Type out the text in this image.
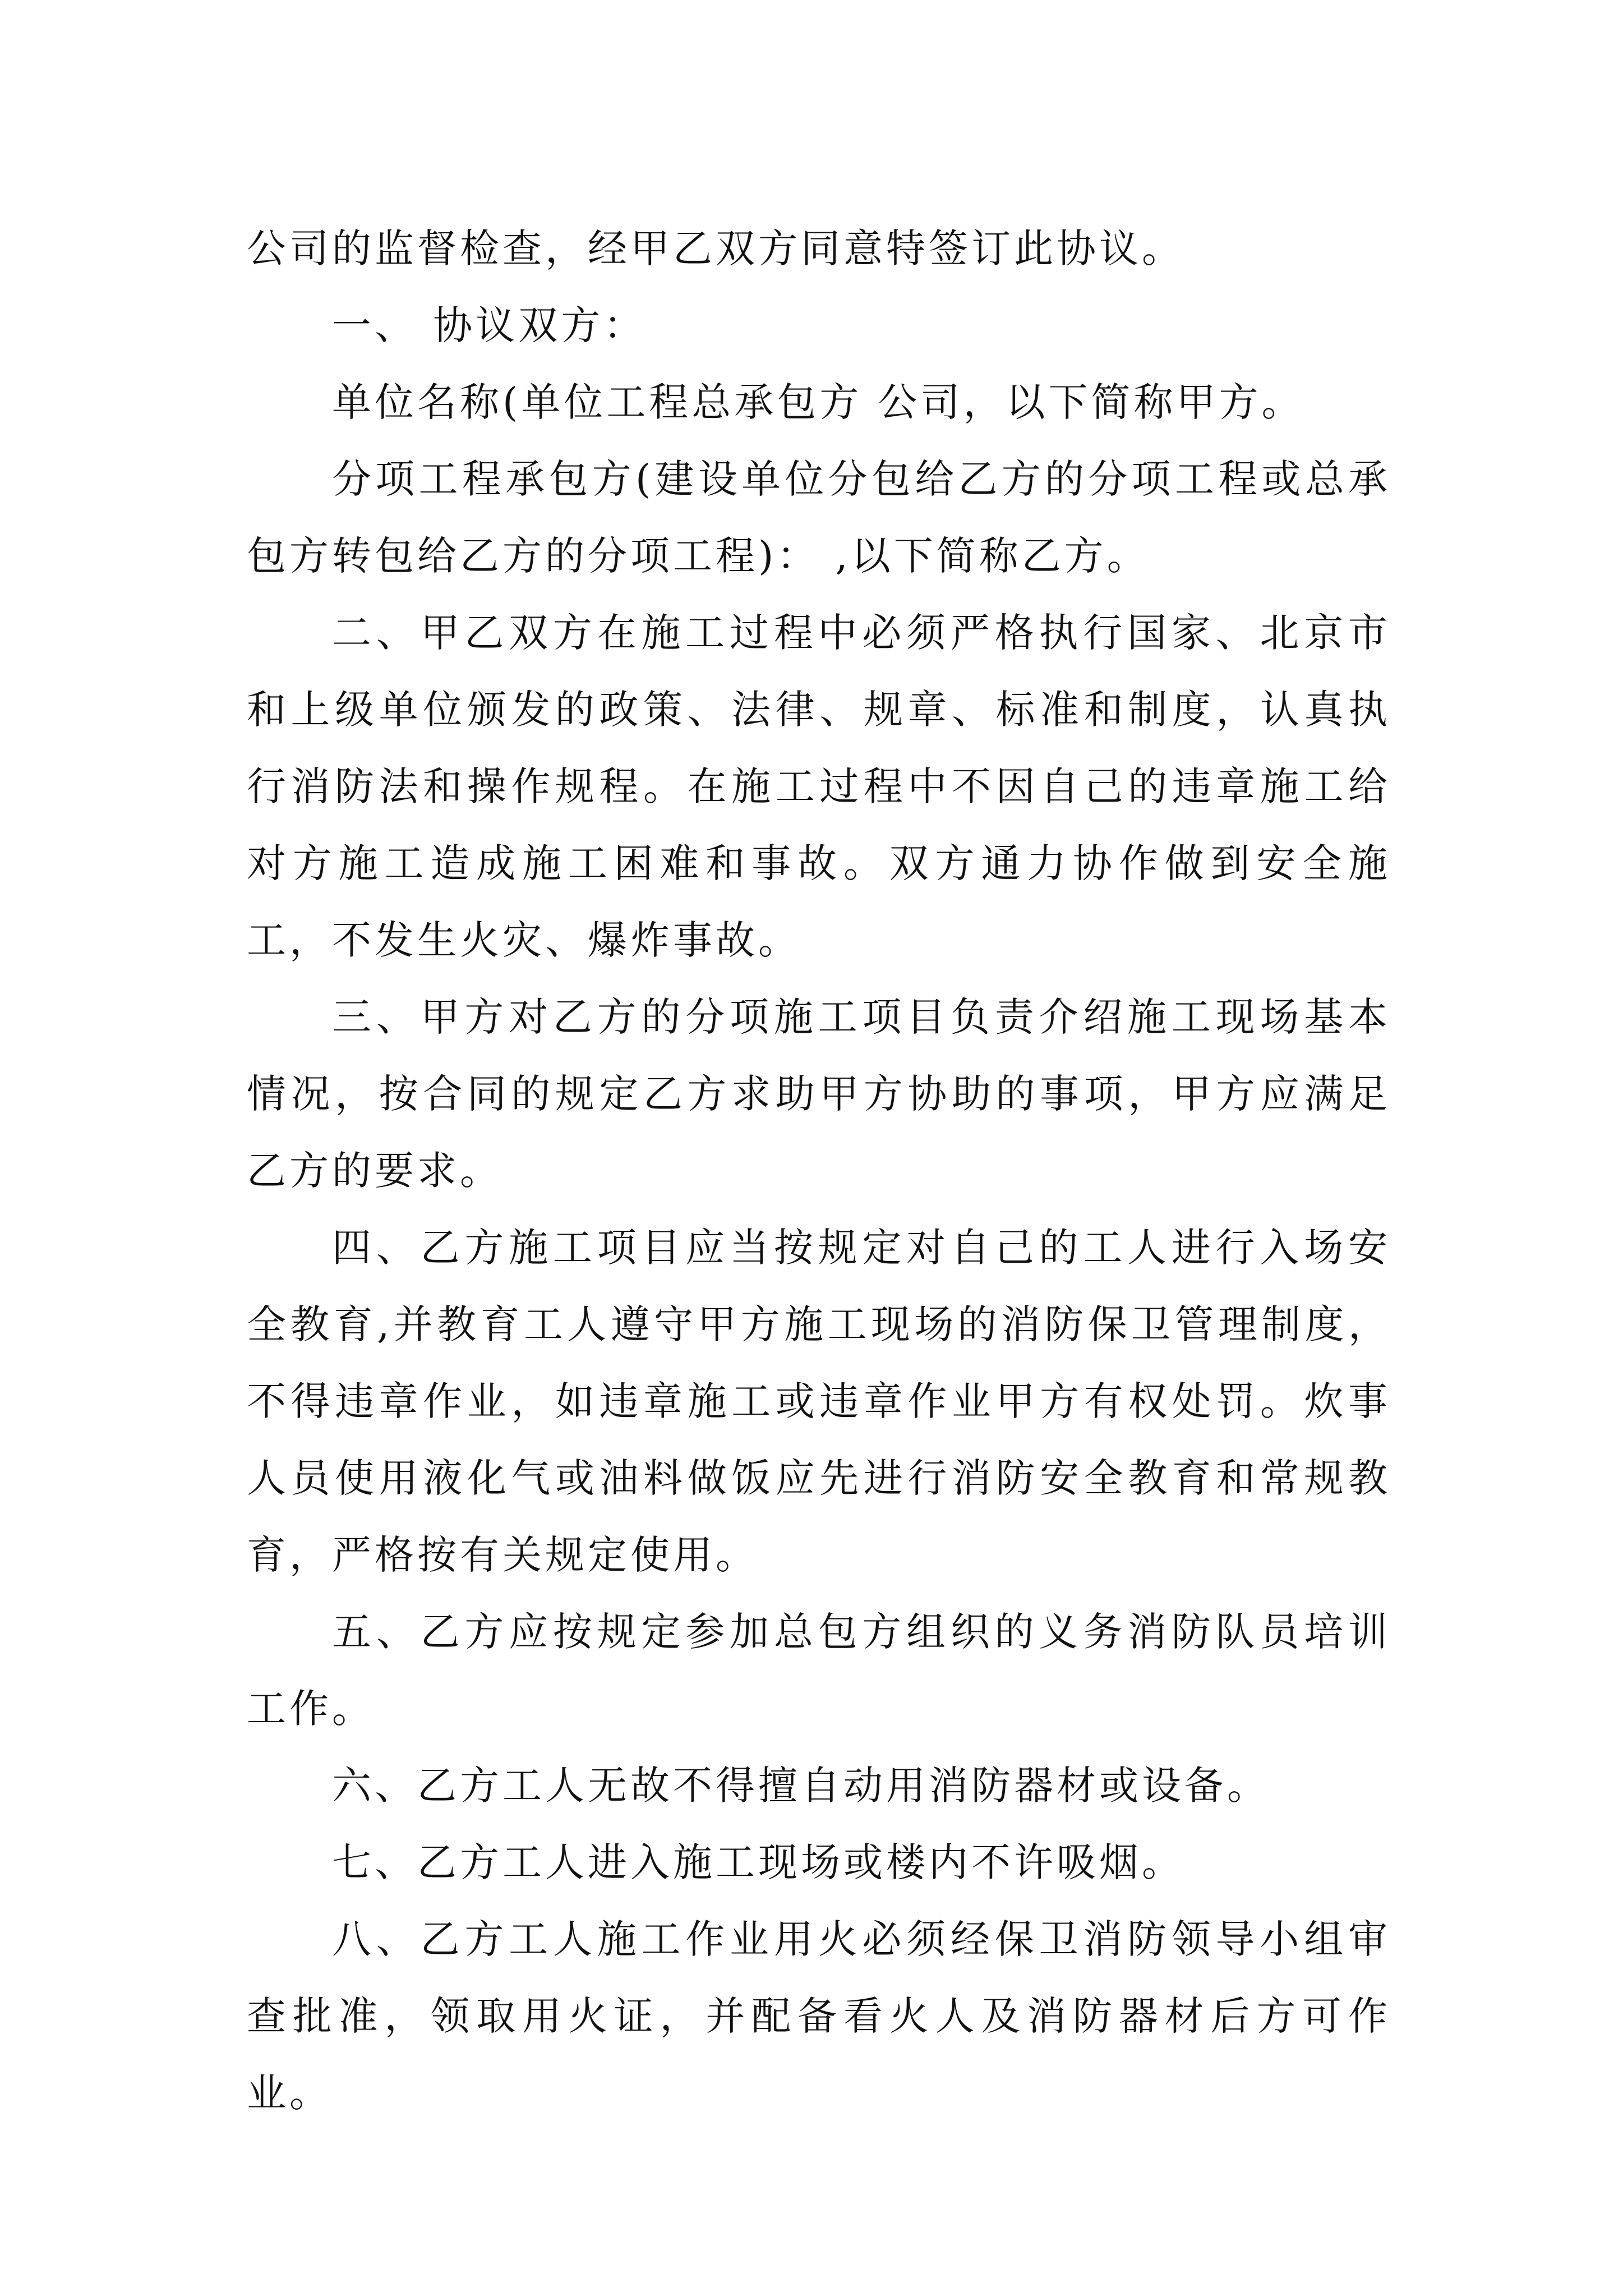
公司的监督检查，经甲乙双方同意特签订此协议。

一、 协议双方：

单位名称(单位工程总承包方 公司，以下简称甲方。

分项工程承包方(建设单位分包给乙方的分项工程或总承包方转包给乙方的分项工程)： ,以下简称乙方。

二、甲乙双方在施工过程中必须严格执行国家、北京市和上级单位颁发的政策、法律、规章、标准和制度，认真执行消防法和操作规程。在施工过程中不因自己的违章施工给对方施工造成施工困难和事故。双方通力协作做到安全施工，不发生火灾、爆炸事故。

三、甲方对乙方的分项施工项目负责介绍施工现场基本情况，按合同的规定乙方求助甲方协助的事项，甲方应满足乙方的要求。

四、乙方施工项目应当按规定对自己的工人进行入场安全教育,并教育工人遵守甲方施工现场的消防保卫管理制度，不得违章作业，如违章施工或违章作业甲方有权处罚。炊事人员使用液化气或油料做饭应先进行消防安全教育和常规教育，严格按有关规定使用。

五、乙方应按规定参加总包方组织的义务消防队员培训工作。

六、乙方工人无故不得擅自动用消防器材或设备。

七、乙方工人进入施工现场或楼内不许吸烟。

八、乙方工人施工作业用火必须经保卫消防领导小组审查批准，领取用火证，并配备看火人及消防器材后方可作业。
